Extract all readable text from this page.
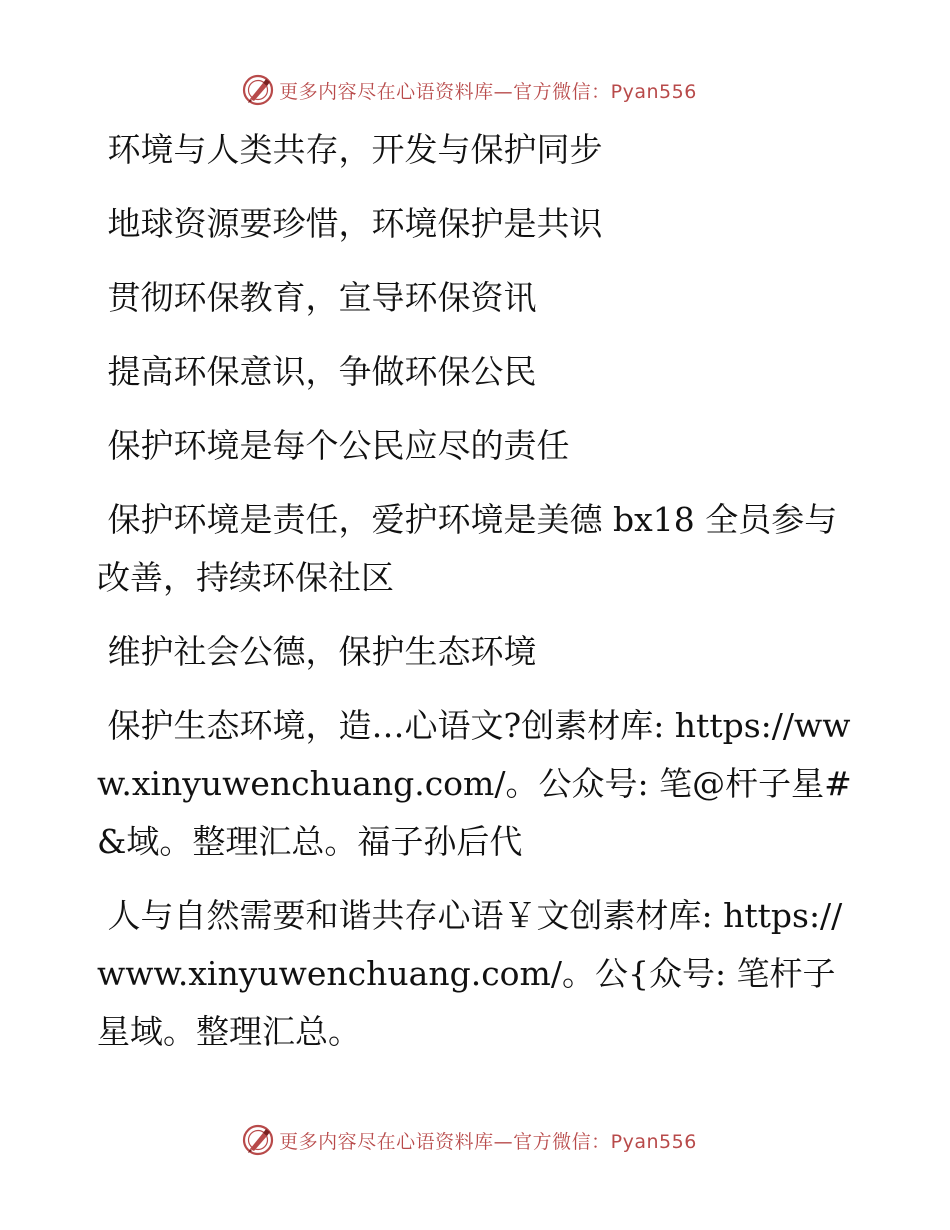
更多内容尽在心语资料库—官方微信：Pyan556

环境与人类共存，开发与保护同步

地球资源要珍惜，环境保护是共识

贯彻环保教育，宣导环保资讯

提高环保意识，争做环保公民

保护环境是每个公民应尽的责任

保护环境是责任，爱护环境是美德 bx18 全员参与改善，持续环保社区

维护社会公德，保护生态环境

保护生态环境，造…心语文?创素材库: https://www.xinyuwenchuang.com/。公众号: 笔@杆子星#&域。整理汇总。福子孙后代

人与自然需要和谐共存心语￥文创素材库: https://www.xinyuwenchuang.com/。公{众号: 笔杆子星域。整理汇总。

更多内容尽在心语资料库—官方微信：Pyan556
